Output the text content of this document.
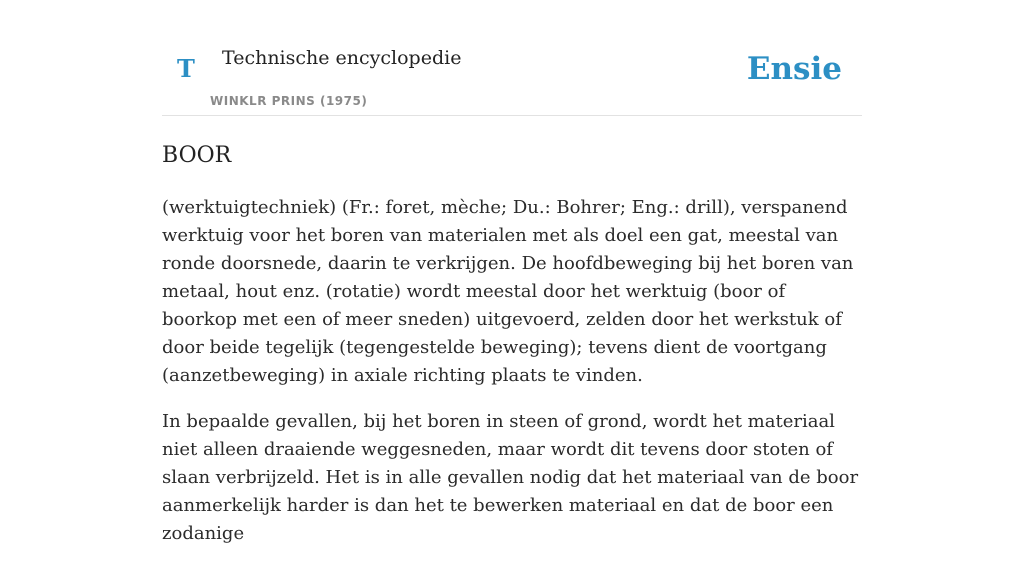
T Technische encyclopedie
WINKLR PRINS (1975)
Ensie
BOOR

(werktuigtechniek) (Fr.: foret, mèche; Du.: Bohrer; Eng.: drill), verspanend werktuig voor het boren van materialen met als doel een gat, meestal van ronde doorsnede, daarin te verkrijgen. De hoofdbeweging bij het boren van metaal, hout enz. (rotatie) wordt meestal door het werktuig (boor of boorkop met een of meer sneden) uitgevoerd, zelden door het werkstuk of door beide tegelijk (tegengestelde beweging); tevens dient de voortgang (aanzetbeweging) in axiale richting plaats te vinden.

In bepaalde gevallen, bij het boren in steen of grond, wordt het materiaal niet alleen draaiende weggesneden, maar wordt dit tevens door stoten of slaan verbrijzeld. Het is in alle gevallen nodig dat het materiaal van de boor aanmerkelijk harder is dan het te bewerken materiaal en dat de boor een zodanige
